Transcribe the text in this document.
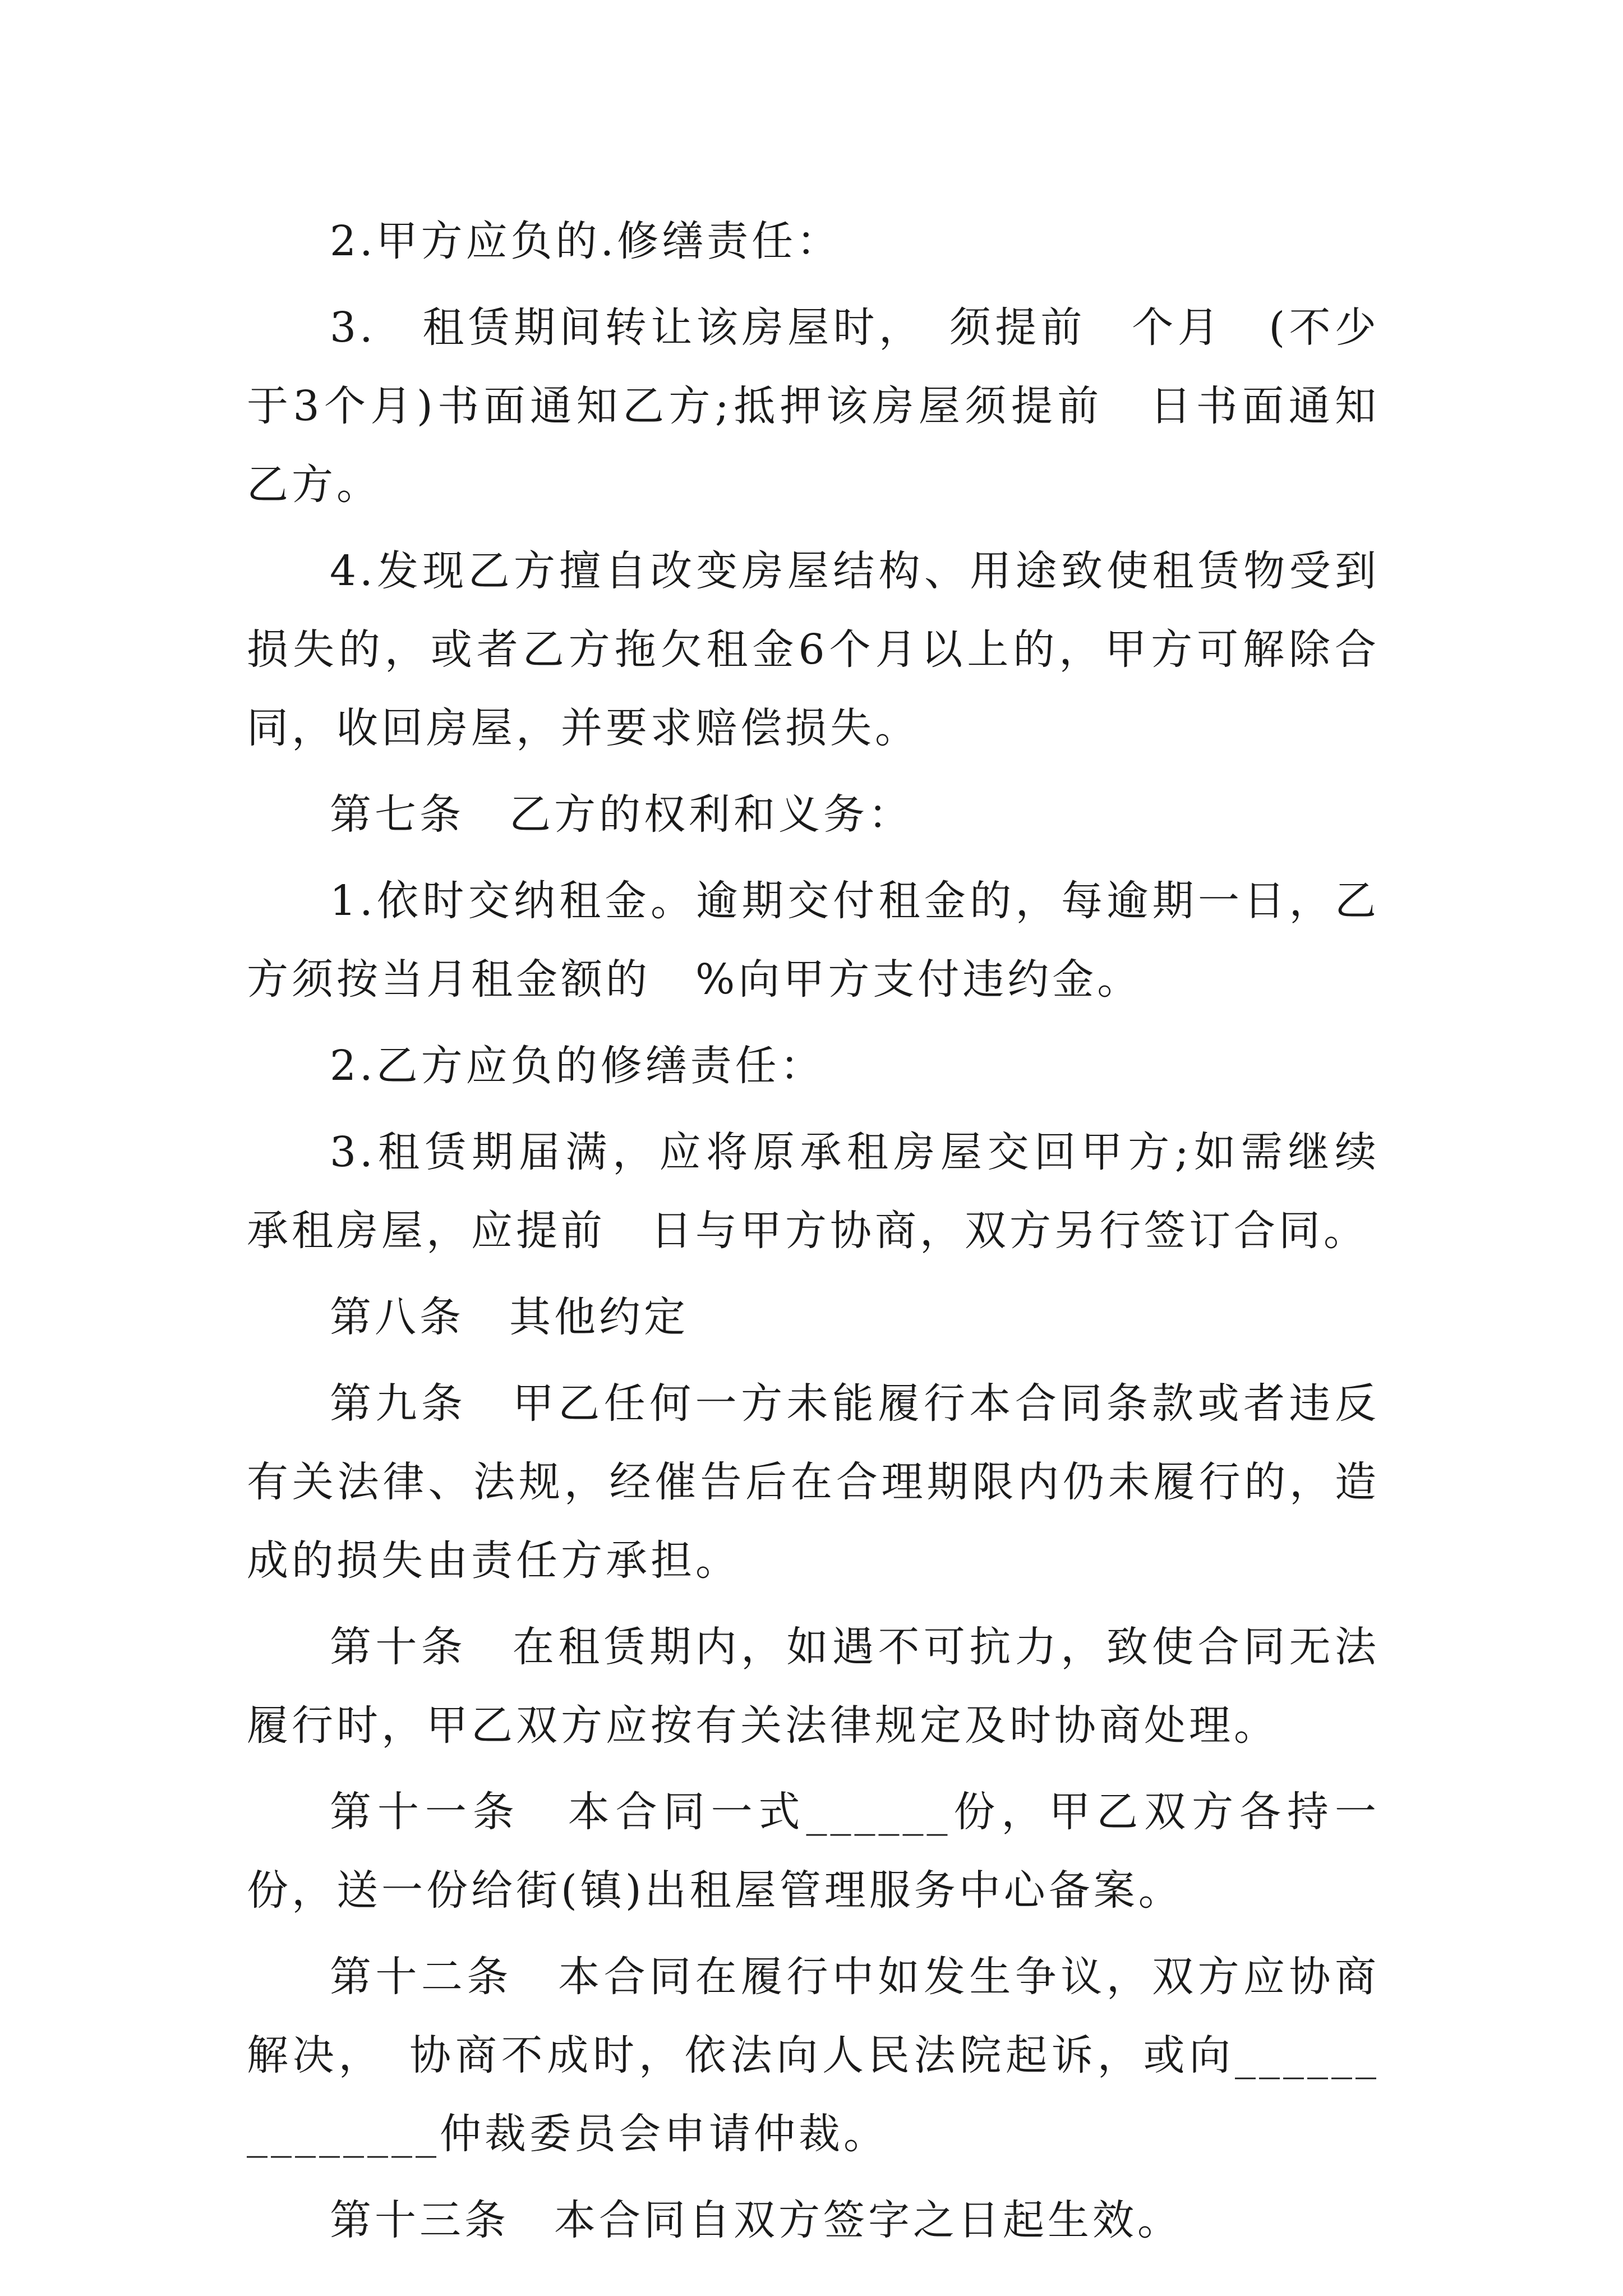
2.甲方应负的.修缮责任：

3.　租赁期间转让该房屋时，　须提前　个月　(不少于3个月)书面通知乙方;抵押该房屋须提前　日书面通知乙方。

4.发现乙方擅自改变房屋结构、用途致使租赁物受到损失的，或者乙方拖欠租金6个月以上的，甲方可解除合同，收回房屋，并要求赔偿损失。

第七条　乙方的权利和义务：

1.依时交纳租金。逾期交付租金的，每逾期一日，乙方须按当月租金额的　%向甲方支付违约金。

2.乙方应负的修缮责任：

3.租赁期届满，应将原承租房屋交回甲方;如需继续承租房屋，应提前　日与甲方协商，双方另行签订合同。

第八条　其他约定

第九条　甲乙任何一方未能履行本合同条款或者违反有关法律、法规，经催告后在合理期限内仍未履行的，造成的损失由责任方承担。

第十条　在租赁期内，如遇不可抗力，致使合同无法履行时，甲乙双方应按有关法律规定及时协商处理。

第十一条　本合同一式______份，甲乙双方各持一份，送一份给街(镇)出租屋管理服务中心备案。

第十二条　本合同在履行中如发生争议，双方应协商解决，　协商不成时，依法向人民法院起诉，或向______________仲裁委员会申请仲裁。

第十三条　本合同自双方签字之日起生效。
